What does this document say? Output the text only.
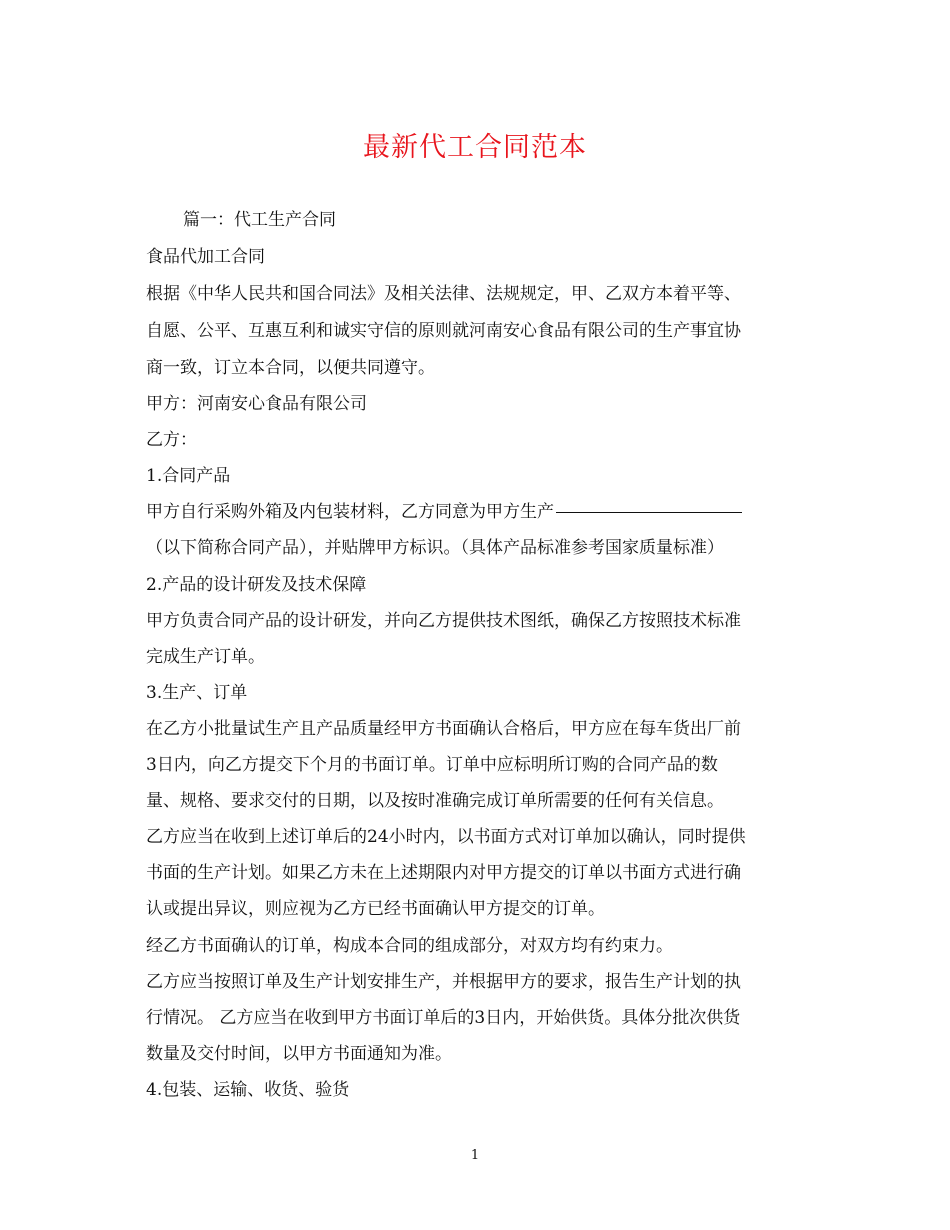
最新代工合同范本
篇一：代工生产合同
食品代加工合同
根据《中华人民共和国合同法》及相关法律、法规规定，甲、乙双方本着平等、
自愿、公平、互惠互利和诚实守信的原则就河南安心食品有限公司的生产事宜协
商一致，订立本合同，以便共同遵守。
甲方：河南安心食品有限公司
乙方：
1.合同产品
甲方自行采购外箱及内包装材料，乙方同意为甲方生产
（以下简称合同产品），并贴牌甲方标识。（具体产品标准参考国家质量标准）
2.产品的设计研发及技术保障
甲方负责合同产品的设计研发，并向乙方提供技术图纸，确保乙方按照技术标准
完成生产订单。
3.生产、订单
在乙方小批量试生产且产品质量经甲方书面确认合格后，甲方应在每车货出厂前
3日内，向乙方提交下个月的书面订单。订单中应标明所订购的合同产品的数
量、规格、要求交付的日期，以及按时准确完成订单所需要的任何有关信息。
乙方应当在收到上述订单后的24小时内，以书面方式对订单加以确认，同时提供
书面的生产计划。如果乙方未在上述期限内对甲方提交的订单以书面方式进行确
认或提出异议，则应视为乙方已经书面确认甲方提交的订单。
经乙方书面确认的订单，构成本合同的组成部分，对双方均有约束力。
乙方应当按照订单及生产计划安排生产，并根据甲方的要求，报告生产计划的执
行情况。 乙方应当在收到甲方书面订单后的3日内，开始供货。具体分批次供货
数量及交付时间，以甲方书面通知为准。
4.包装、运输、收货、验货
1
